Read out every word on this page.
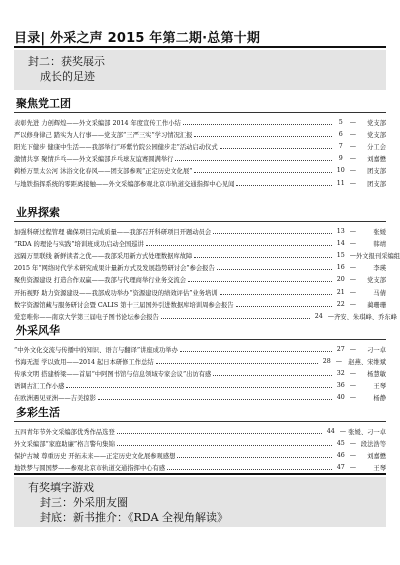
目录| 外采之声 2015 年第二期·总第十期
封二：获奖展示
成长的足迹
聚焦党工团
表彰先进 力创辉煌——外文采编部 2014 年度宣传工作小结	5	—	党支部
严以修身律己 踏实为人行事——党支部“三严三实”学习情况汇报	6	—	党支部
阳光下健步 健康中生活——我部举行“环紫竹院公园健步走”活动启动仪式	7	—	分工会
激情共享 聚情乒乓——外文采编部乒乓球友谊赛圆满举行	9	—	刘嘉懋
鹈桥万里太公河 沐浴文化春风——团支部参观“正定历史文化展”	10 —	团支部
与地铁指挥系统的零距离接触——外文采编部参观北京市轨道交通指挥中心见闻	11 —	团支部
业界探索
加强科研过程管理 确保项目完成质量——我部召开科研项目开题动员会	13 —	张媛
“RDA 的理论与实践”培训班成功启动全国巡讲	14 —	韩靖
远隔万里联线 新鲜读者之优——我部采用新方式处理数据库故障	15 — 外文报刊采编组
2015 年“网络时代学术研究成果计量新方式及发展趋势研讨会”参会报告	16 —	李瑛
聚焦资源建设 打造合作双赢——我部与代理商举行业务交流会	20 —	党支部
开拓视野 助力资源建设——我部成功举办“资源建设的绩效评估”业务培训	21 —	马倩
数字资源馆藏与服务研讨会暨 CALIS 第十三届国外引进数据库培训周参会报告	22 —	蔺珊珊
爱恋唯你——南京大学第三届电子图书论坛参会报告	24 — 齐安、朱琪峰、乔东峰
外采风华
“中外文化交流与传播中的知识、语言与翻译”讲座成功举办	27 —	刁一卓
书海无涯 学以致用——2014 起日本研修工作总结	28 — 赵燕、宋维斌
传承文明 搭建桥梁——首届“中阿图书馆与信息领域专家会议”出访有感	32 —	杨慧敏
语调古汇工作小感	36 —	王琴
在欧洲遇见亚洲——吉美掠影	40 —	杨静
多彩生活
五四青年节外文采编部优秀作品选登	44 — 张媛、刁一卓
外文采编部“家庭助廉”格言警句集锦	45 — 段法浩等
保护古城 尊重历史 开拓未来——正定历史文化展参观感想	46 —	刘嘉懋
地铁梦与圆国梦——参观北京市轨道交通指挥中心有感	47 —	王琴
有奖填字游戏
封三：外采朋友圈
封底：新书推介：《RDA 全视角解读》
